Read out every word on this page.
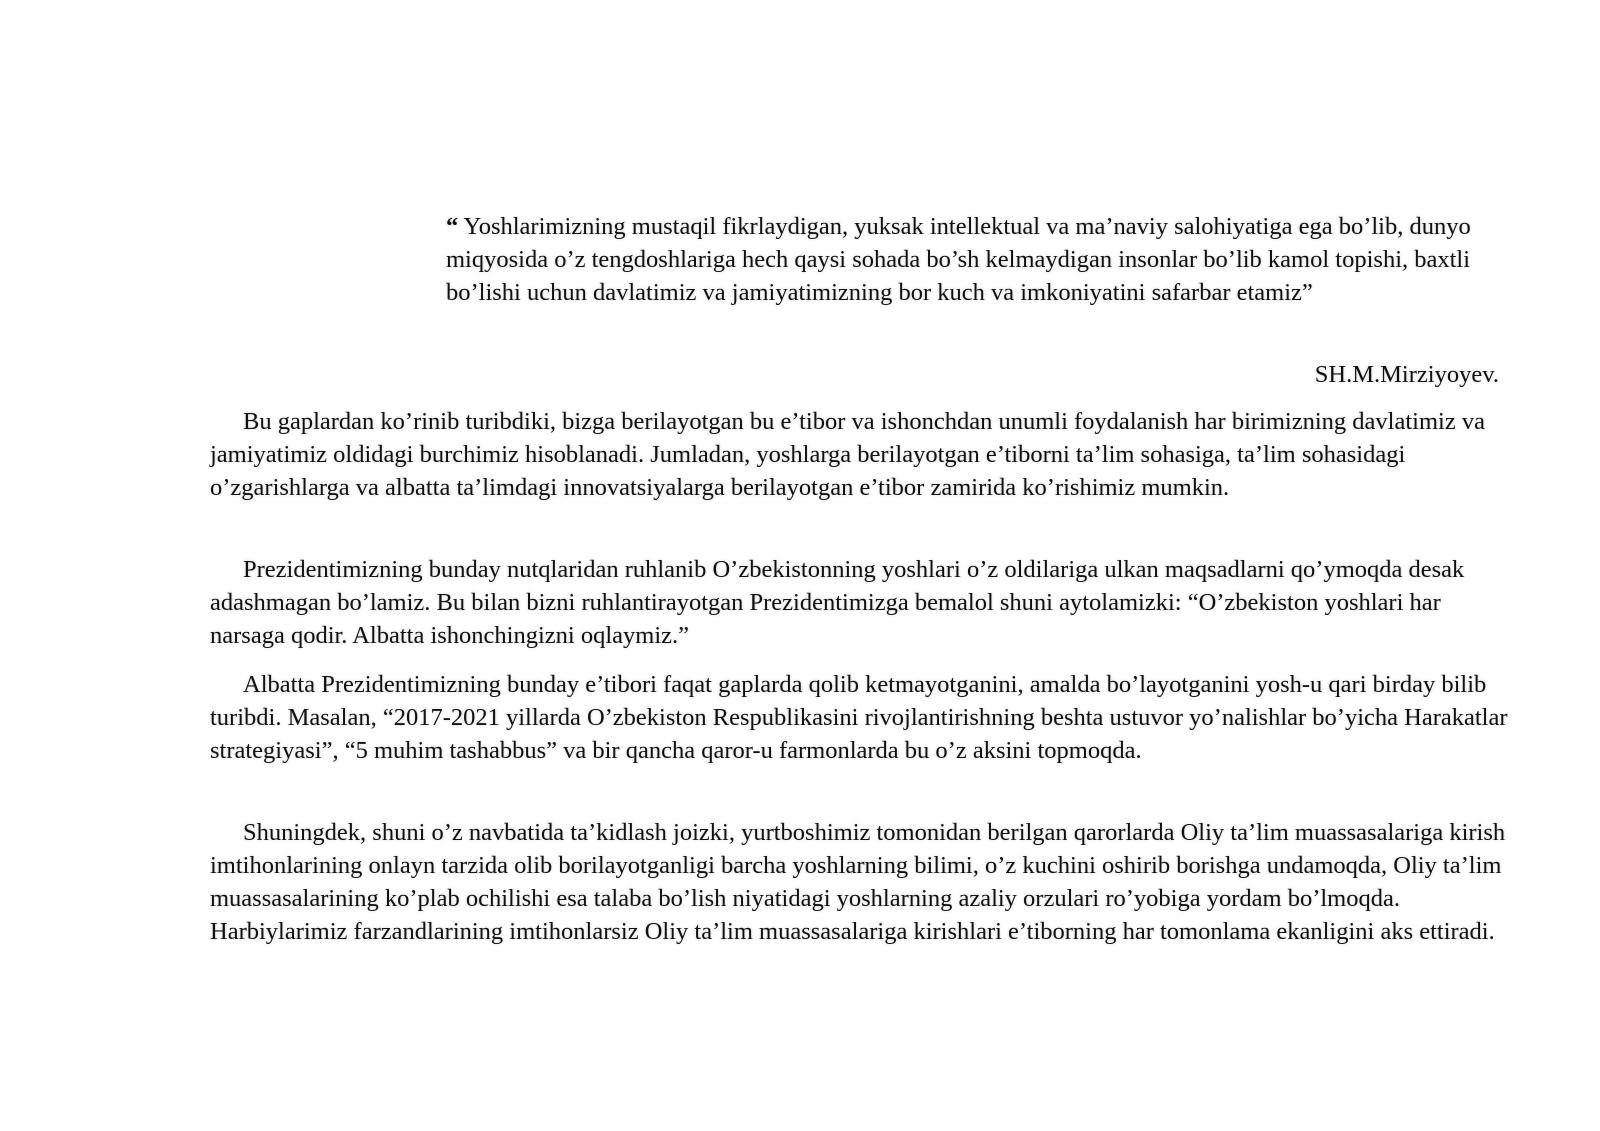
“ Yoshlarimizning mustaqil fikrlaydigan, yuksak intellektual va ma’naviy salohiyatiga ega bo’lib, dunyo miqyosida o’z tengdoshlariga hech qaysi sohada bo’sh kelmaydigan insonlar bo’lib kamol topishi, baxtli bo’lishi uchun davlatimiz va jamiyatimizning bor kuch va imkoniyatini safarbar etamiz”

SH.M.Mirziyoyev.

Bu gaplardan ko’rinib turibdiki, bizga berilayotgan bu e’tibor va ishonchdan unumli foydalanish har birimizning davlatimiz va jamiyatimiz oldidagi burchimiz hisoblanadi. Jumladan, yoshlarga berilayotgan e’tiborni ta’lim sohasiga, ta’lim sohasidagi o’zgarishlarga va albatta ta’limdagi innovatsiyalarga berilayotgan e’tibor zamirida ko’rishimiz mumkin.

Prezidentimizning bunday nutqlaridan ruhlanib O’zbekistonning yoshlari o’z oldilariga ulkan maqsadlarni qo’ymoqda desak adashmagan bo’lamiz. Bu bilan bizni ruhlantirayotgan Prezidentimizga bemalol shuni aytolamizki: “O’zbekiston yoshlari har narsaga qodir. Albatta ishonchingizni oqlaymiz.”

Albatta Prezidentimizning bunday e’tibori faqat gaplarda qolib ketmayotganini, amalda bo’layotganini yosh-u qari birday bilib turibdi. Masalan, “2017-2021 yillarda O’zbekiston Respublikasini rivojlantirishning beshta ustuvor yo’nalishlar bo’yicha Harakatlar strategiyasi”, “5 muhim tashabbus” va bir qancha qaror-u farmonlarda bu o’z aksini topmoqda.

Shuningdek, shuni o’z navbatida ta’kidlash joizki, yurtboshimiz tomonidan berilgan qarorlarda Oliy ta’lim muassasalariga kirish imtihonlarining onlayn tarzida olib borilayotganligi barcha yoshlarning bilimi, o’z kuchini oshirib borishga undamoqda, Oliy ta’lim muassasalarining ko’plab ochilishi esa talaba bo’lish niyatidagi yoshlarning azaliy orzulari ro’yobiga yordam bo’lmoqda. Harbiylarimiz farzandlarining imtihonlarsiz Oliy ta’lim muassasalariga kirishlari e’tiborning har tomonlama ekanligini aks ettiradi.
